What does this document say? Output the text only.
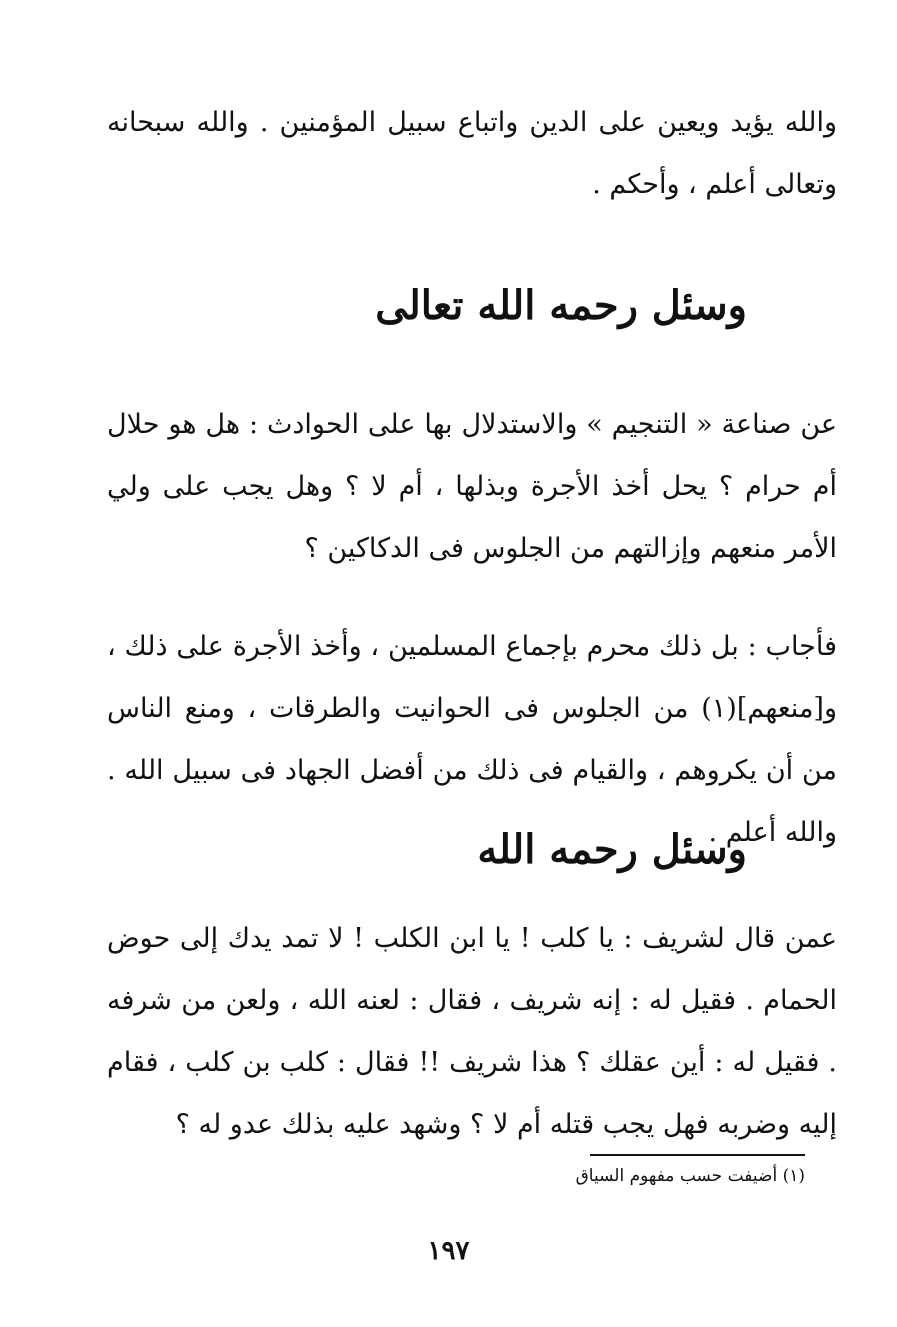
والله يؤيد ويعين على الدين واتباع سبيل المؤمنين . والله سبحانه وتعالى أعلم ، وأحكم .

وسئل رحمه الله تعالى

عن صناعة « التنجيم » والاستدلال بها على الحوادث : هل هو حلال أم حرام ؟ يحل أخذ الأجرة وبذلها ، أم لا ؟ وهل يجب على ولي الأمر منعهم وإزالتهم من الجلوس فى الدكاكين ؟

فأجاب : بل ذلك محرم بإجماع المسلمين ، وأخذ الأجرة على ذلك ، و[منعهم](١) من الجلوس فى الحوانيت والطرقات ، ومنع الناس من أن يكروهم ، والقيام فى ذلك من أفضل الجهاد فى سبيل الله . والله أعلم .

وسئل رحمه الله

عمن قال لشريف : يا كلب ! يا ابن الكلب ! لا تمد يدك إلى حوض الحمام . فقيل له : إنه شريف ، فقال : لعنه الله ، ولعن من شرفه . فقيل له : أين عقلك ؟ هذا شريف !! فقال : كلب بن كلب ، فقام إليه وضربه فهل يجب قتله أم لا ؟ وشهد عليه بذلك عدو له ؟

(١) أضيفت حسب مفهوم السياق
١٩٧
